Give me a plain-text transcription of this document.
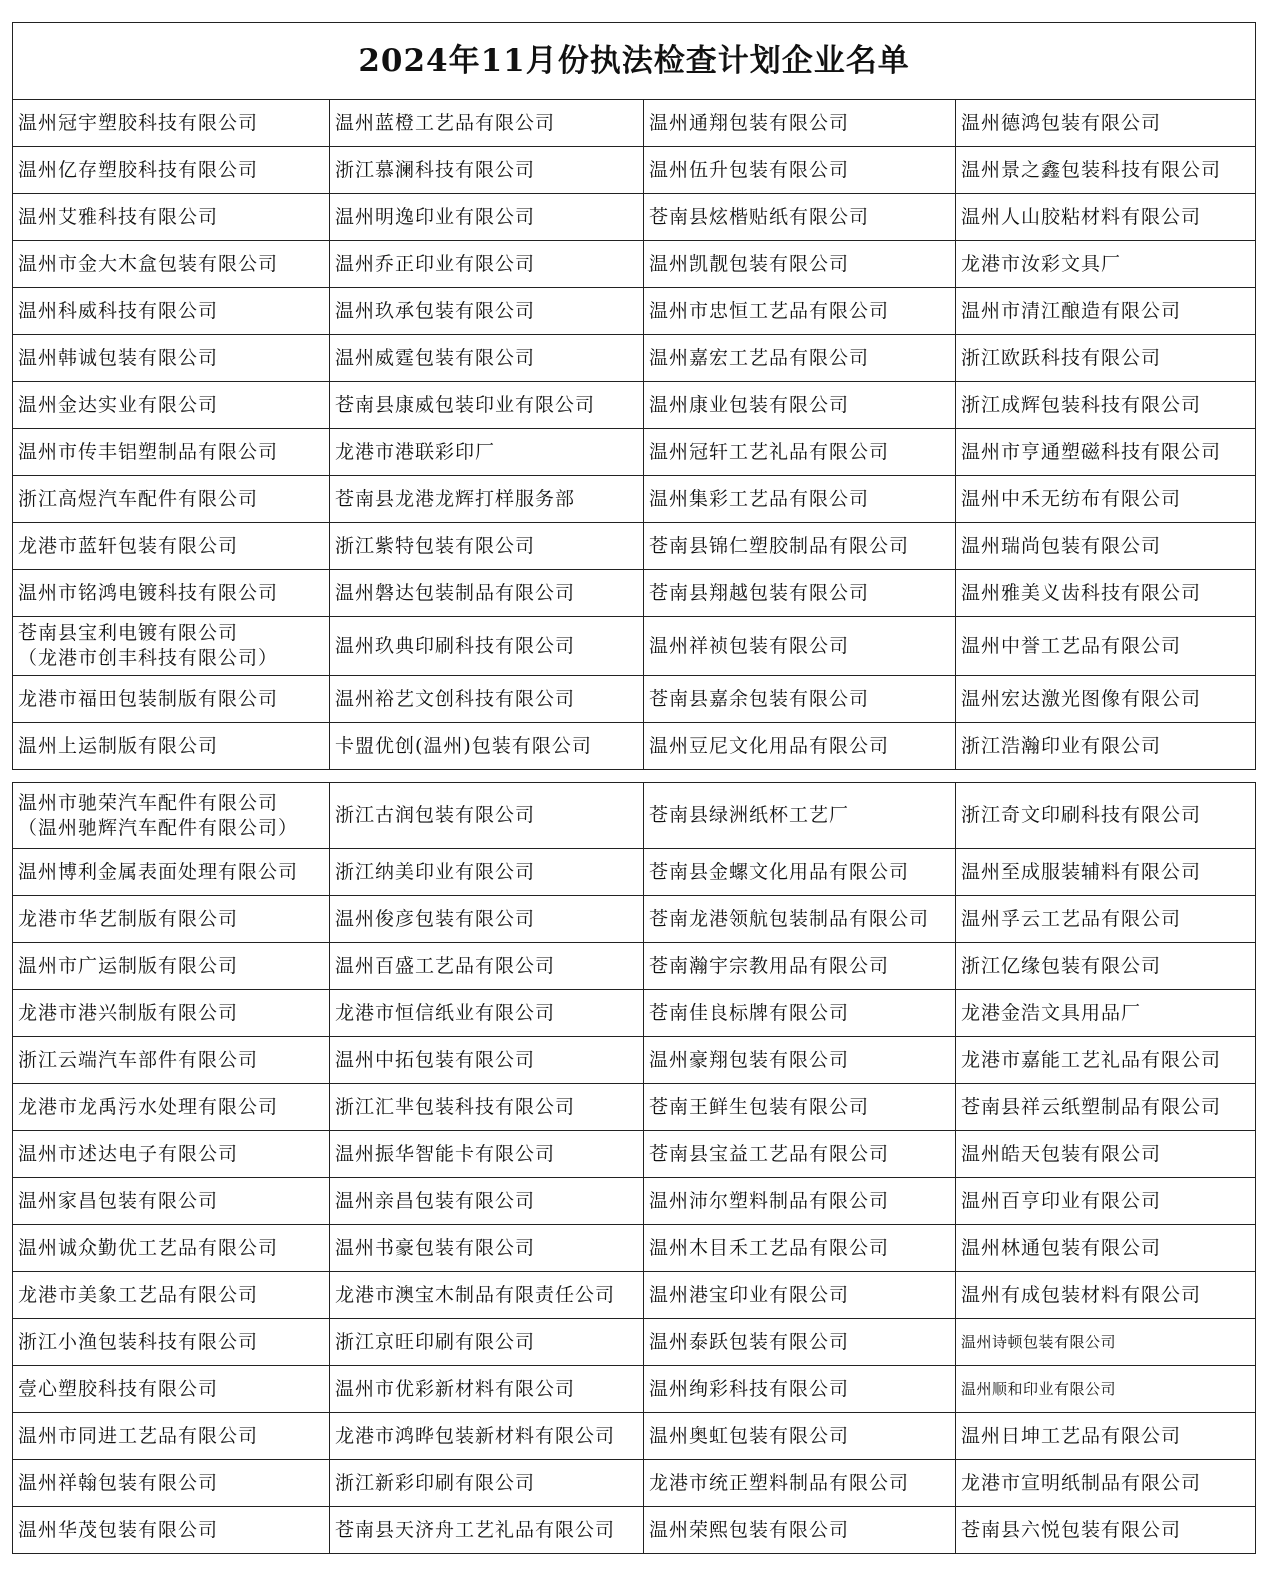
2024年11月份执法检查计划企业名单			

温州冠宇塑胶科技有限公司	温州蓝橙工艺品有限公司	温州通翔包装有限公司	温州德鸿包装有限公司

温州亿存塑胶科技有限公司	浙江慕澜科技有限公司	温州伍升包装有限公司	温州景之鑫包装科技有限公司

温州艾雅科技有限公司	温州明逸印业有限公司	苍南县炫楷贴纸有限公司	温州人山胶粘材料有限公司

温州市金大木盒包装有限公司	温州乔正印业有限公司	温州凯靓包装有限公司	龙港市汝彩文具厂

温州科威科技有限公司	温州玖承包装有限公司	温州市忠恒工艺品有限公司	温州市清江酿造有限公司

温州韩诚包装有限公司	温州威霆包装有限公司	温州嘉宏工艺品有限公司	浙江欧跃科技有限公司

温州金达实业有限公司	苍南县康威包装印业有限公司	温州康业包装有限公司	浙江成辉包装科技有限公司

温州市传丰铝塑制品有限公司	龙港市港联彩印厂	温州冠轩工艺礼品有限公司	温州市亨通塑磁科技有限公司

浙江高煜汽车配件有限公司	苍南县龙港龙辉打样服务部	温州集彩工艺品有限公司	温州中禾无纺布有限公司

龙港市蓝轩包装有限公司	浙江紫特包装有限公司	苍南县锦仁塑胶制品有限公司	温州瑞尚包装有限公司

温州市铭鸿电镀科技有限公司	温州磐达包装制品有限公司	苍南县翔越包装有限公司	温州雅美义齿科技有限公司

苍南县宝利电镀有限公司
（龙港市创丰科技有限公司）	温州玖典印刷科技有限公司	温州祥祯包装有限公司	温州中誉工艺品有限公司

龙港市福田包装制版有限公司	温州裕艺文创科技有限公司	苍南县嘉余包装有限公司	温州宏达激光图像有限公司

温州上运制版有限公司	卡盟优创(温州)包装有限公司	温州豆尼文化用品有限公司	浙江浩瀚印业有限公司
温州市驰荣汽车配件有限公司
（温州驰辉汽车配件有限公司）	浙江古润包装有限公司	苍南县绿洲纸杯工艺厂	浙江奇文印刷科技有限公司

温州博利金属表面处理有限公司	浙江纳美印业有限公司	苍南县金螺文化用品有限公司	温州至成服装辅料有限公司

龙港市华艺制版有限公司	温州俊彦包装有限公司	苍南龙港领航包装制品有限公司	温州孚云工艺品有限公司

温州市广运制版有限公司	温州百盛工艺品有限公司	苍南瀚宇宗教用品有限公司	浙江亿缘包装有限公司

龙港市港兴制版有限公司	龙港市恒信纸业有限公司	苍南佳良标牌有限公司	龙港金浩文具用品厂

浙江云端汽车部件有限公司	温州中拓包装有限公司	温州豪翔包装有限公司	龙港市嘉能工艺礼品有限公司

龙港市龙禹污水处理有限公司	浙江汇芈包装科技有限公司	苍南王鲜生包装有限公司	苍南县祥云纸塑制品有限公司

温州市述达电子有限公司	温州振华智能卡有限公司	苍南县宝益工艺品有限公司	温州皓天包装有限公司

温州家昌包装有限公司	温州亲昌包装有限公司	温州沛尔塑料制品有限公司	温州百亨印业有限公司

温州诚众勤优工艺品有限公司	温州书豪包装有限公司	温州木目禾工艺品有限公司	温州林通包装有限公司

龙港市美象工艺品有限公司	龙港市澳宝木制品有限责任公司	温州港宝印业有限公司	温州有成包装材料有限公司

浙江小渔包装科技有限公司	浙江京旺印刷有限公司	温州泰跃包装有限公司	温州诗顿包装有限公司

壹心塑胶科技有限公司	温州市优彩新材料有限公司	温州绚彩科技有限公司	温州顺和印业有限公司

温州市同进工艺品有限公司	龙港市鸿晔包装新材料有限公司	温州奥虹包装有限公司	温州日坤工艺品有限公司

温州祥翰包装有限公司	浙江新彩印刷有限公司	龙港市统正塑料制品有限公司	龙港市宣明纸制品有限公司

温州华茂包装有限公司	苍南县天济舟工艺礼品有限公司	温州荣熙包装有限公司	苍南县六悦包装有限公司
